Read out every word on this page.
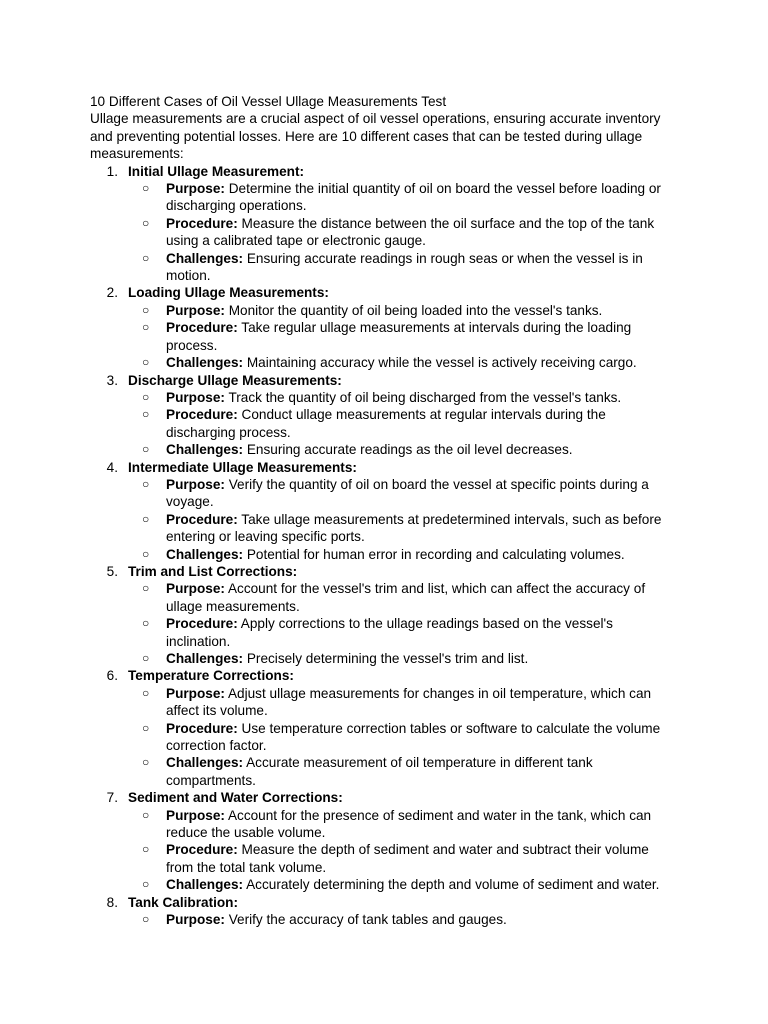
10 Different Cases of Oil Vessel Ullage Measurements Test

Ullage measurements are a crucial aspect of oil vessel operations, ensuring accurate inventory and preventing potential losses. Here are 10 different cases that can be tested during ullage measurements:

1. Initial Ullage Measurement:
○ Purpose: Determine the initial quantity of oil on board the vessel before loading or discharging operations.
○ Procedure: Measure the distance between the oil surface and the top of the tank using a calibrated tape or electronic gauge.
○ Challenges: Ensuring accurate readings in rough seas or when the vessel is in motion.
2. Loading Ullage Measurements:
○ Purpose: Monitor the quantity of oil being loaded into the vessel's tanks.
○ Procedure: Take regular ullage measurements at intervals during the loading process.
○ Challenges: Maintaining accuracy while the vessel is actively receiving cargo.
3. Discharge Ullage Measurements:
○ Purpose: Track the quantity of oil being discharged from the vessel's tanks.
○ Procedure: Conduct ullage measurements at regular intervals during the discharging process.
○ Challenges: Ensuring accurate readings as the oil level decreases.
4. Intermediate Ullage Measurements:
○ Purpose: Verify the quantity of oil on board the vessel at specific points during a voyage.
○ Procedure: Take ullage measurements at predetermined intervals, such as before entering or leaving specific ports.
○ Challenges: Potential for human error in recording and calculating volumes.
5. Trim and List Corrections:
○ Purpose: Account for the vessel's trim and list, which can affect the accuracy of ullage measurements.
○ Procedure: Apply corrections to the ullage readings based on the vessel's inclination.
○ Challenges: Precisely determining the vessel's trim and list.
6. Temperature Corrections:
○ Purpose: Adjust ullage measurements for changes in oil temperature, which can affect its volume.
○ Procedure: Use temperature correction tables or software to calculate the volume correction factor.
○ Challenges: Accurate measurement of oil temperature in different tank compartments.
7. Sediment and Water Corrections:
○ Purpose: Account for the presence of sediment and water in the tank, which can reduce the usable volume.
○ Procedure: Measure the depth of sediment and water and subtract their volume from the total tank volume.
○ Challenges: Accurately determining the depth and volume of sediment and water.
8. Tank Calibration:
○ Purpose: Verify the accuracy of tank tables and gauges.
